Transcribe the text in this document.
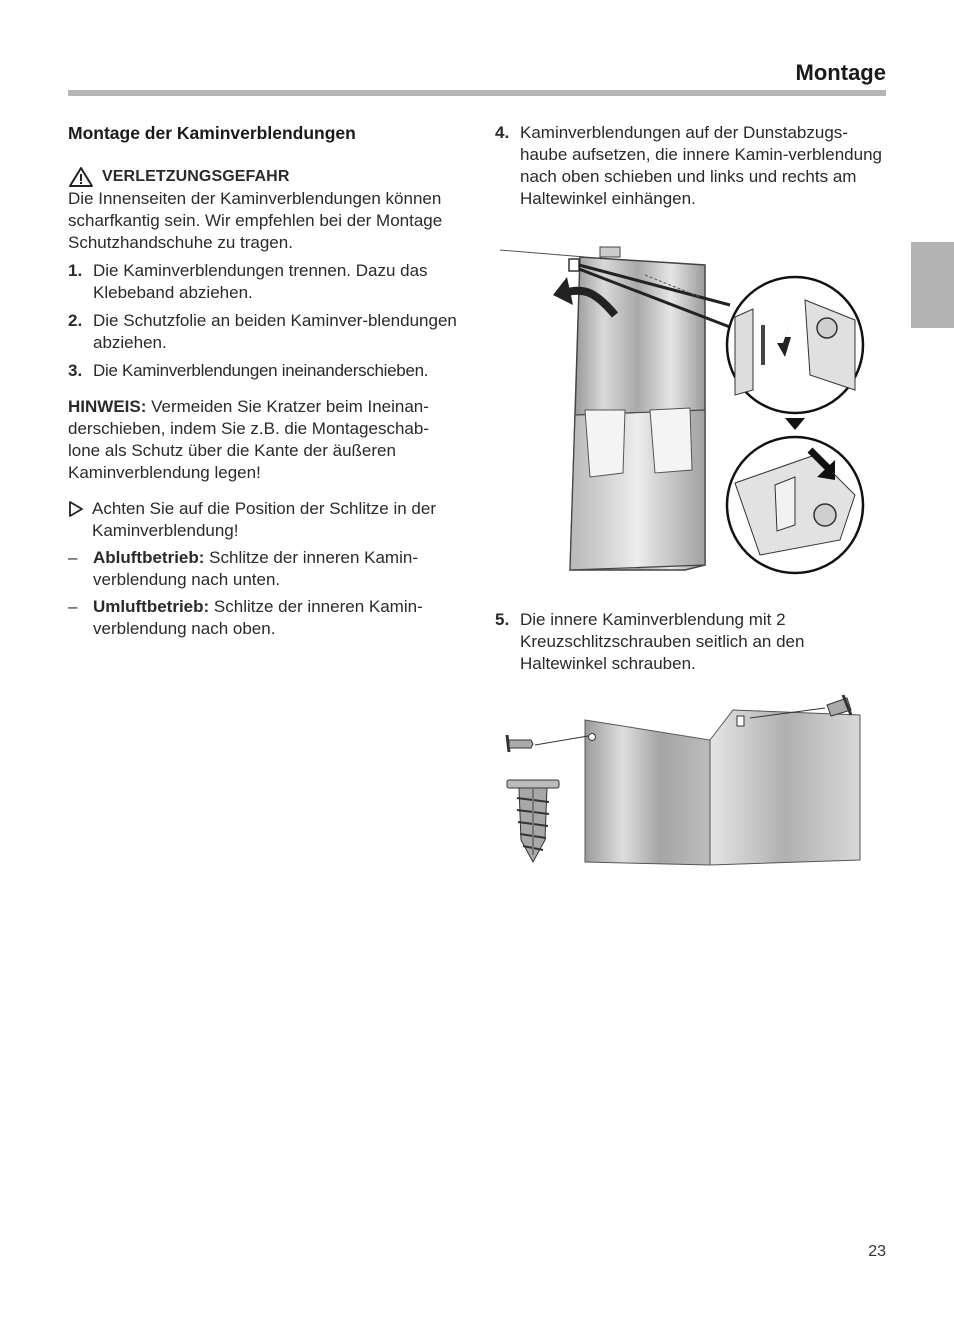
Montage
Montage der Kaminverblendungen
VERLETZUNGSGEFAHR

Die Innenseiten der Kaminverblendungen können scharfkantig sein. Wir empfehlen bei der Montage Schutzhandschuhe zu tragen.

1. Die Kaminverblendungen trennen. Dazu das Klebeband abziehen.
2. Die Schutzfolie an beiden Kaminver-blendungen abziehen.
3. Die Kaminverblendungen ineinanderschieben.

HINWEIS: Vermeiden Sie Kratzer beim Ineinan-derschieben, indem Sie z.B. die Montageschab-lone als Schutz über die Kante der äußeren Kaminverblendung legen!

Achten Sie auf die Position der Schlitze in der Kaminverblendung!
– Abluftbetrieb: Schlitze der inneren Kamin-verblendung nach unten.
– Umluftbetrieb: Schlitze der inneren Kamin-verblendung nach oben.
4. Kaminverblendungen auf der Dunstabzugs-haube aufsetzen, die innere Kamin-verblendung nach oben schieben und links und rechts am Haltewinkel einhängen.
5. Die innere Kaminverblendung mit 2 Kreuzschlitzschrauben seitlich an den Haltewinkel schrauben.
23
